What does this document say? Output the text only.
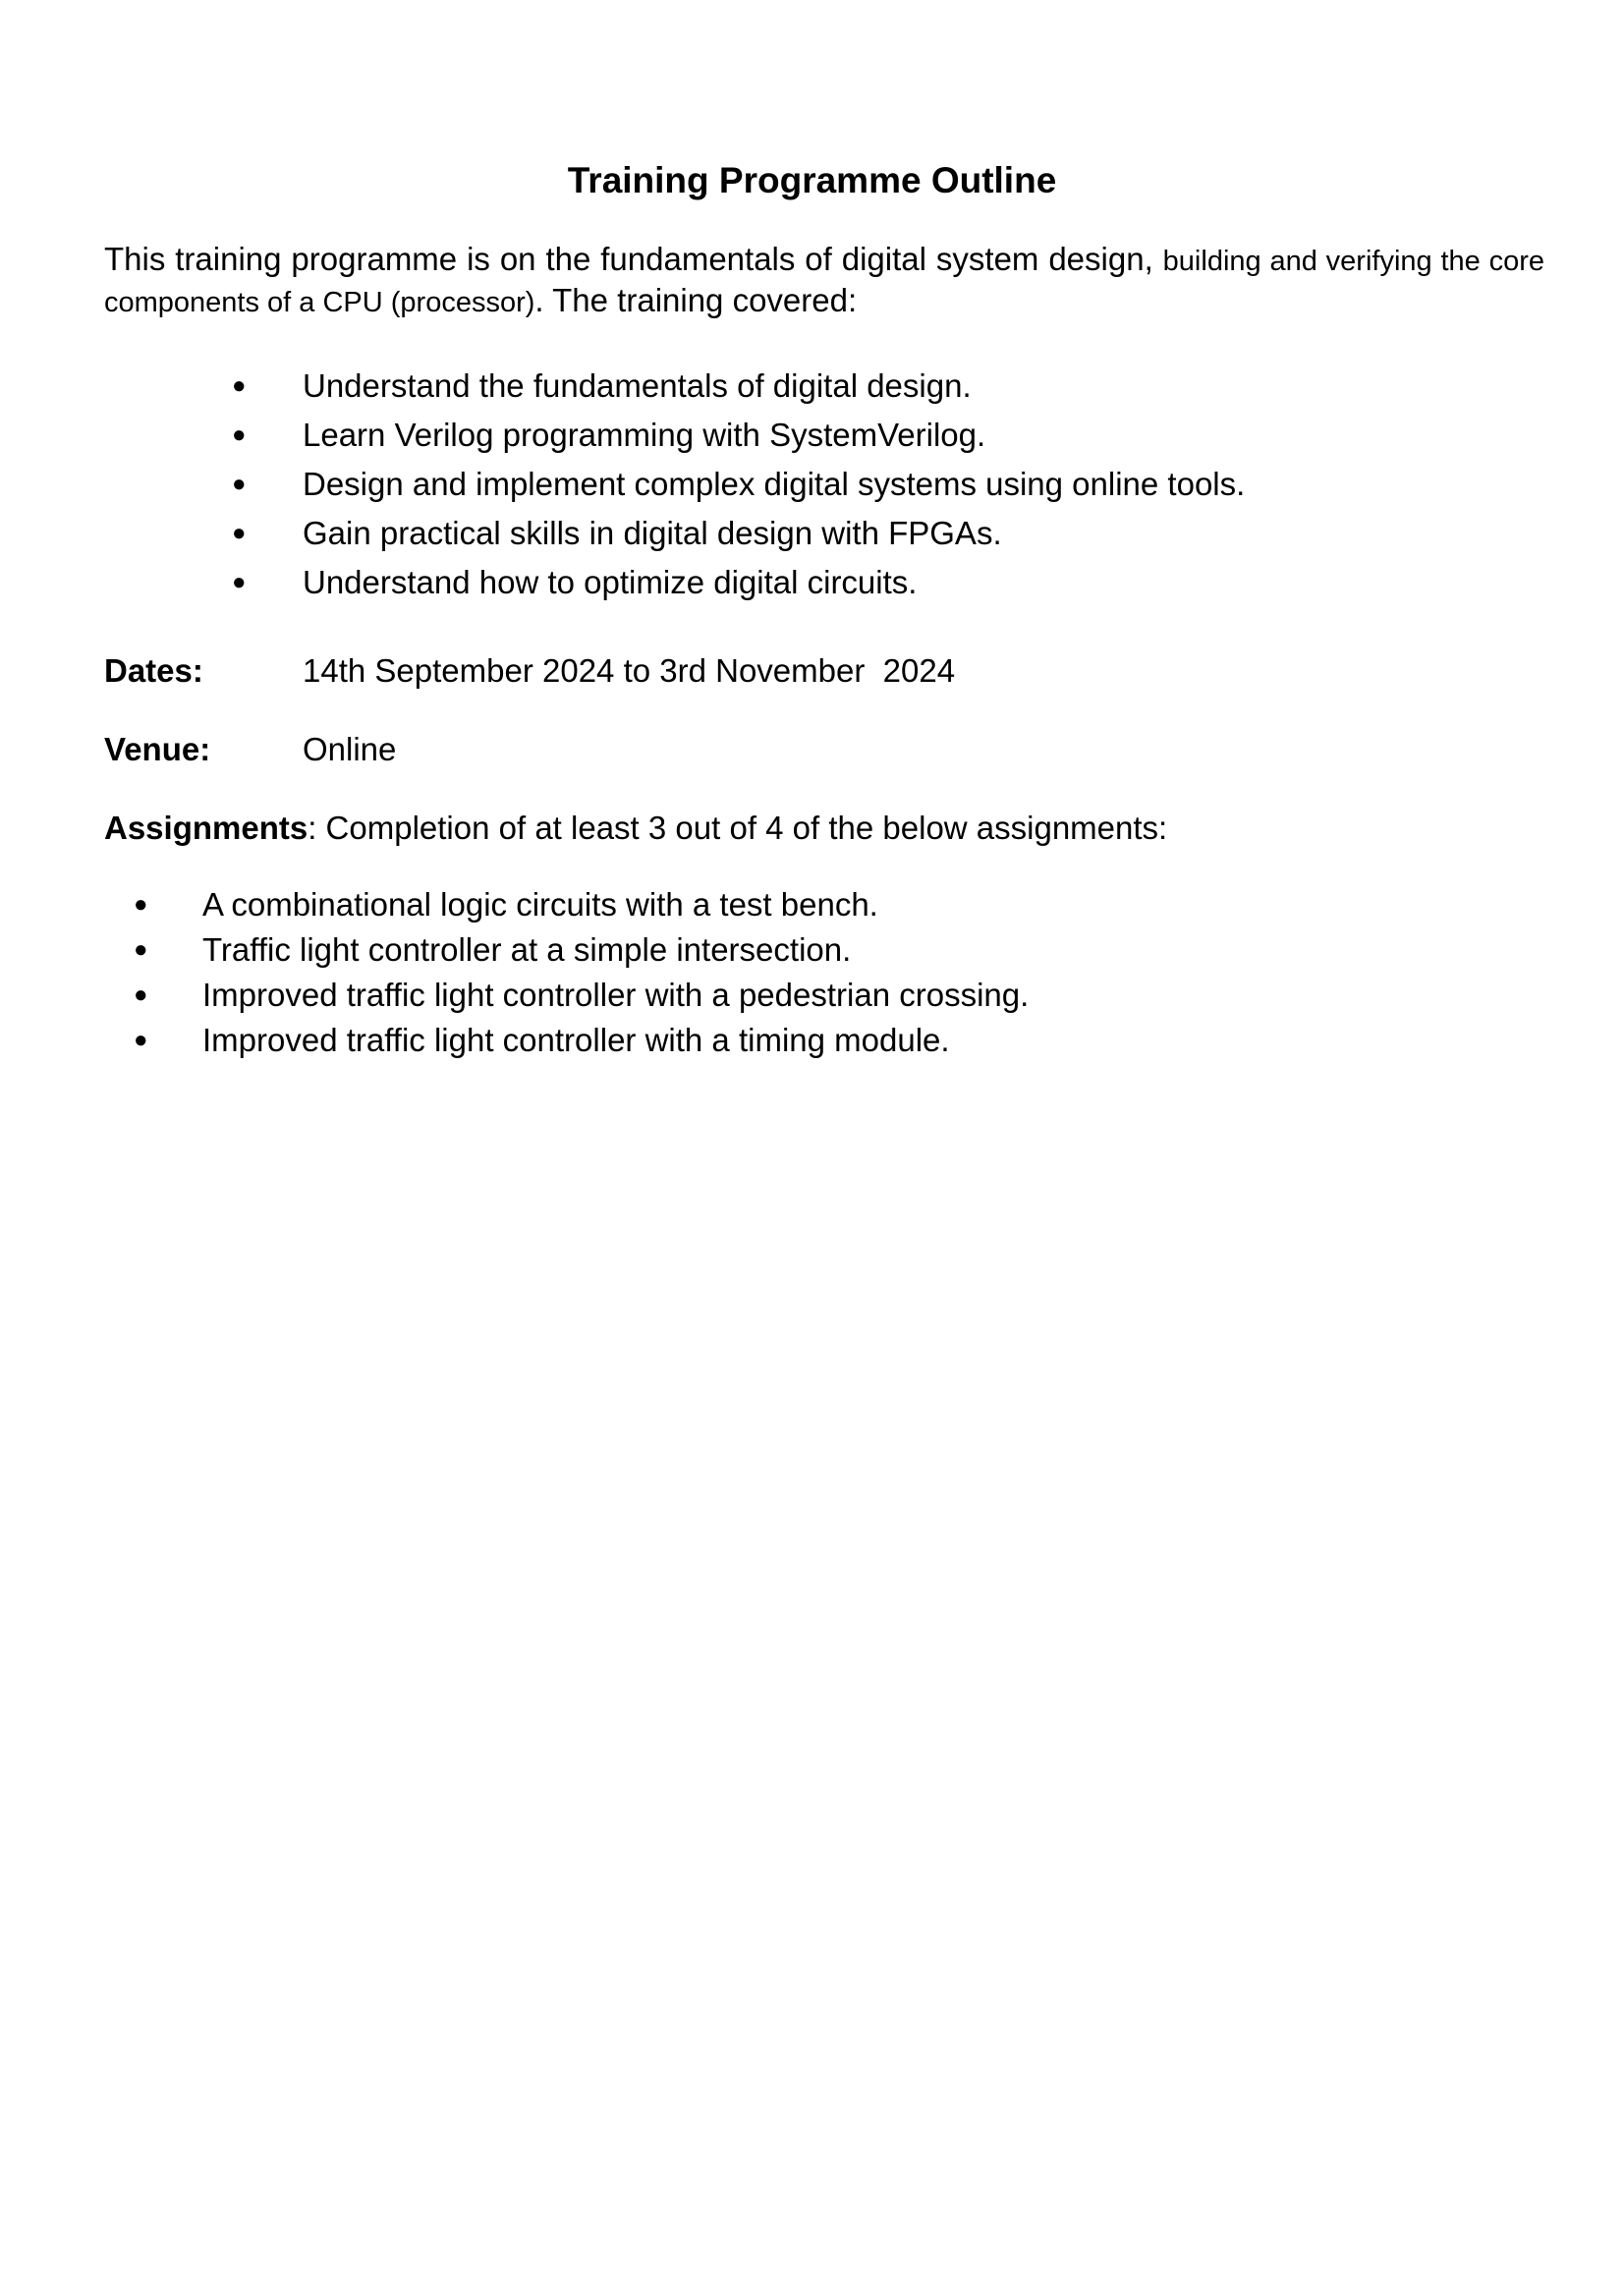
Training Programme Outline

This training programme is on the fundamentals of digital system design, building and verifying the core components of a CPU (processor). The training covered:

● Understand the fundamentals of digital design.
● Learn Verilog programming with SystemVerilog.
● Design and implement complex digital systems using online tools.
● Gain practical skills in digital design with FPGAs.
● Understand how to optimize digital circuits.
Dates:	14th September 2024 to 3rd November  2024
Venue:	Online
Assignments: Completion of at least 3 out of 4 of the below assignments:
● A combinational logic circuits with a test bench.
● Traffic light controller at a simple intersection.
● Improved traffic light controller with a pedestrian crossing.
● Improved traffic light controller with a timing module.
